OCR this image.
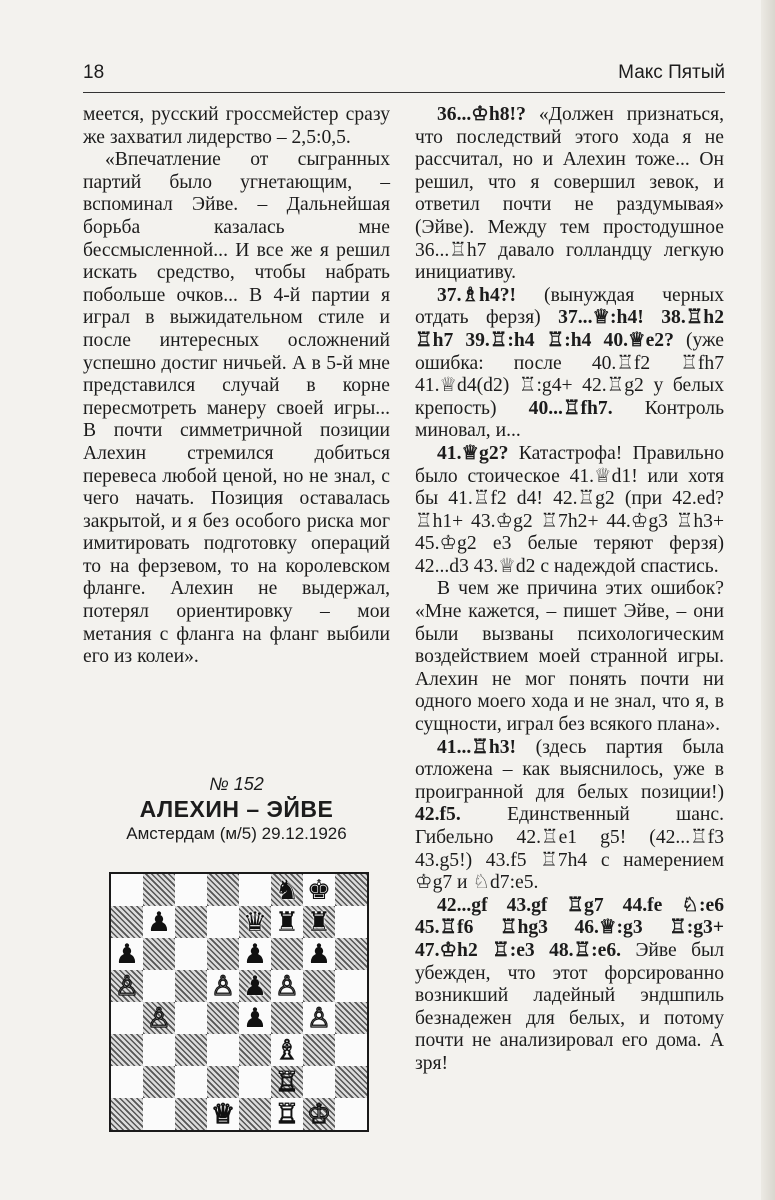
18	Макс Пятый

меется, русский гроссмейстер сразу же захватил лидерство – 2,5:0,5.

«Впечатление от сыгранных партий было угнетающим, – вспоминал Эйве. – Дальнейшая борьба казалась мне бессмысленной... И все же я решил искать средство, чтобы набрать побольше очков... В 4-й партии я играл в выжидательном стиле и после интересных осложнений успешно достиг ничьей. А в 5-й мне представился случай в корне пересмотреть манеру своей игры... В почти симметричной позиции Алехин стремился добиться перевеса любой ценой, но не знал, с чего начать. Позиция оставалась закрытой, и я без особого риска мог имитировать подготовку операций то на ферзевом, то на королевском фланге. Алехин не выдержал, потерял ориентировку – мои метания с фланга на фланг выбили его из колеи».

№ 152
АЛЕХИН – ЭЙВЕ
Амстердам (м/5) 29.12.1926
♞ ♚
♟	♛ ♜ ♜
♟	♟ ♟
♙	♙ ♟ ♙
♙	♟ ♙
♗
♖
♕ ♖ ♔

36...♔h8!? «Должен признаться, что последствий этого хода я не рассчитал, но и Алехин тоже... Он решил, что я совершил зевок, и ответил почти не раздумывая» (Эйве). Между тем простодушное 36...♖h7 давало голландцу легкую инициативу.

37.♗h4?! (вынуждая черных отдать ферзя) 37...♕:h4! 38.♖h2 ♖h7 39.♖:h4 ♖:h4 40.♕e2? (уже ошибка: после 40.♖f2 ♖fh7 41.♕d4(d2) ♖:g4+ 42.♖g2 у белых крепость) 40...♖fh7. Контроль миновал, и...

41.♕g2? Катастрофа! Правильно было стоическое 41.♕d1! или хотя бы 41.♖f2 d4! 42.♖g2 (при 42.ed? ♖h1+ 43.♔g2 ♖7h2+ 44.♔g3 ♖h3+ 45.♔g2 e3 белые теряют ферзя) 42...d3 43.♕d2 с надеждой спастись.

В чем же причина этих ошибок? «Мне кажется, – пишет Эйве, – они были вызваны психологическим воздействием моей странной игры. Алехин не мог понять почти ни одного моего хода и не знал, что я, в сущности, играл без всякого плана».

41...♖h3! (здесь партия была отложена – как выяснилось, уже в проигранной для белых позиции!) 42.f5. Единственный шанс. Гибельно 42.♖e1 g5! (42...♖f3 43.g5!) 43.f5 ♖7h4 с намерением ♔g7 и ♘d7:e5.

42...gf 43.gf ♖g7 44.fe ♘:e6 45.♖f6 ♖hg3 46.♕:g3 ♖:g3+ 47.♔h2 ♖:e3 48.♖:e6. Эйве был убежден, что этот форсированно возникший ладейный эндшпиль безнадежен для белых, и потому почти не анализировал его дома. А зря!
